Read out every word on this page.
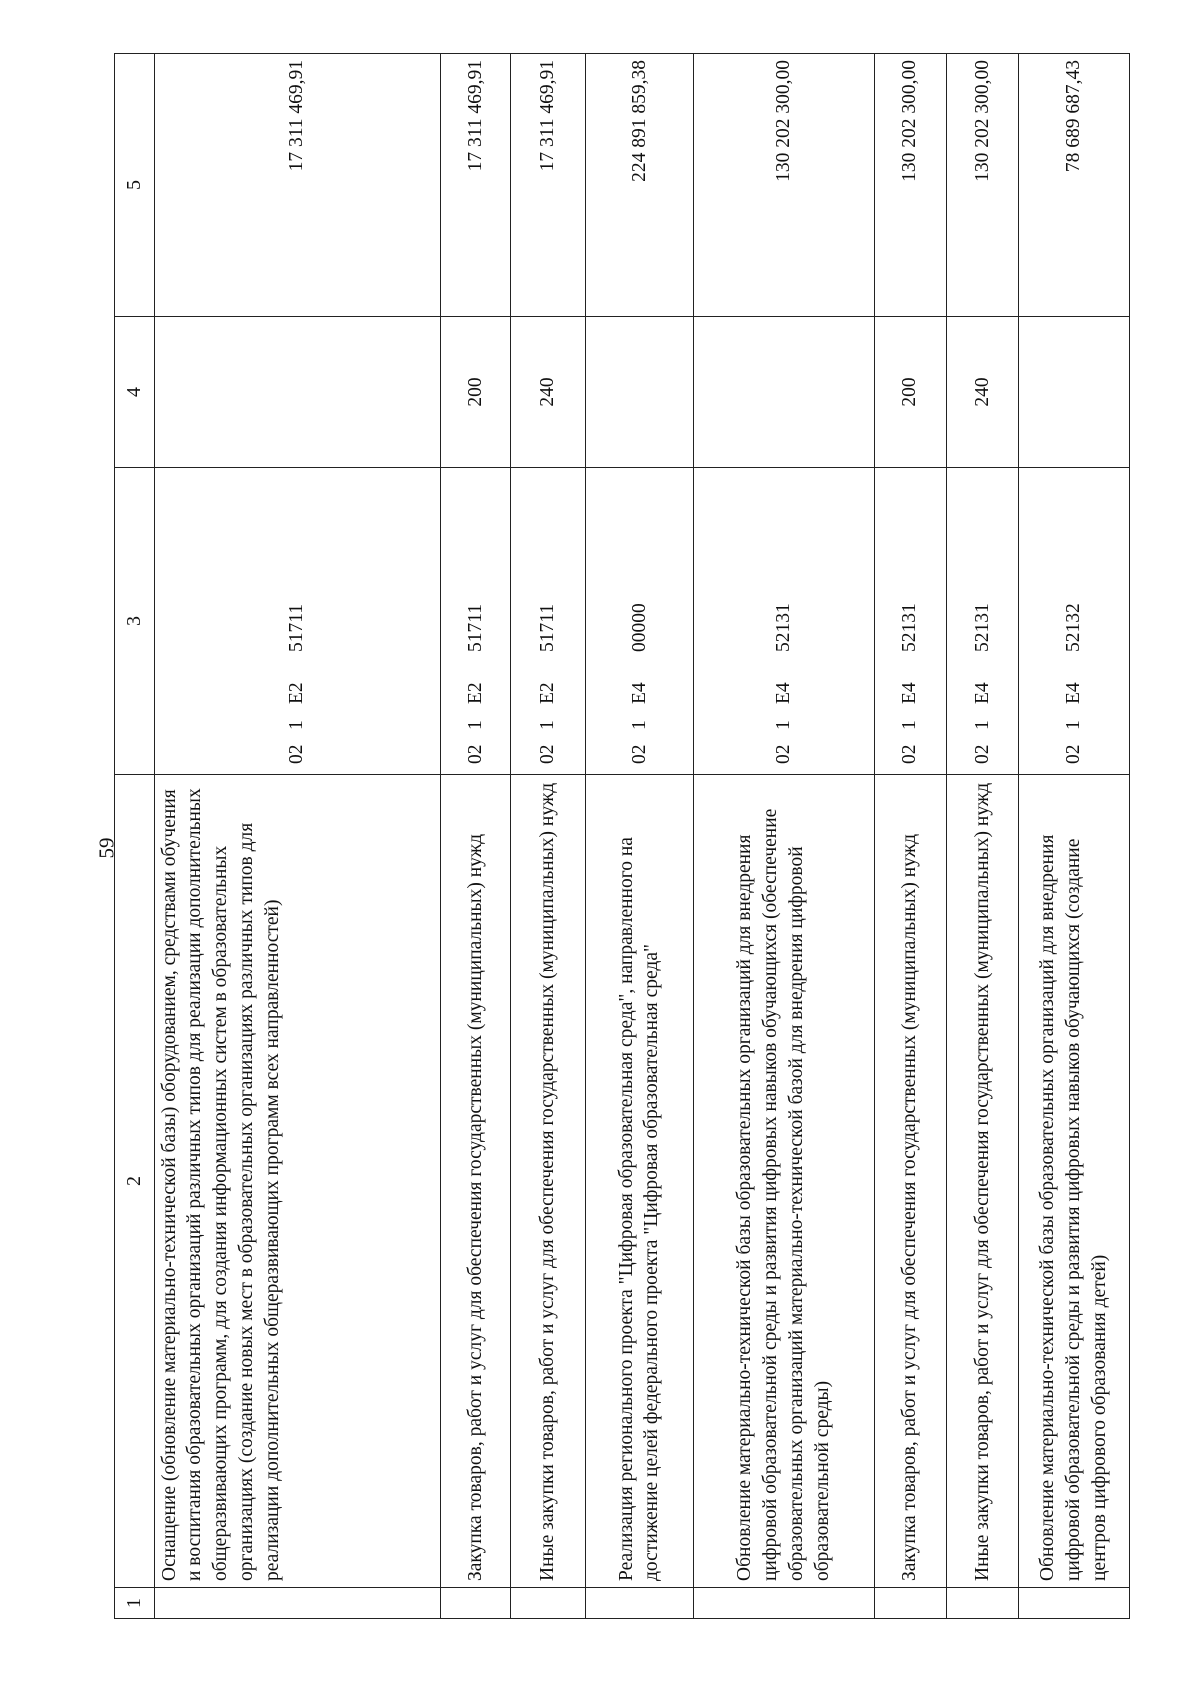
59
1	2	3	4	5
	Оснащение (обновление материально-технической базы) оборудованием, средствами обучения и воспитания образовательных организаций различных типов для реализации дополнительных общеразвивающих программ, для создания информационных систем в образовательных организациях (создание новых мест в образовательных организациях различных типов для реализации дополнительных общеразвивающих программ всех направленностей)	021E251711		17 311 469,91
	Закупка товаров, работ и услуг для обеспечения государственных (муниципальных) нужд	021E251711	200	17 311 469,91
	Иные закупки товаров, работ и услуг для обеспечения государственных (муниципальных) нужд	021E251711	240	17 311 469,91
	Реализация регионального проекта "Цифровая образовательная среда", направленного на достижение целей федерального проекта "Цифровая образовательная среда"	021E400000		224 891 859,38
	Обновление материально-технической базы образовательных организаций для внедрения цифровой образовательной среды и развития цифровых навыков обучающихся (обеспечение образовательных организаций материально-технической базой для внедрения цифровой образовательной среды)	021E452131		130 202 300,00
	Закупка товаров, работ и услуг для обеспечения государственных (муниципальных) нужд	021E452131	200	130 202 300,00
	Иные закупки товаров, работ и услуг для обеспечения государственных (муниципальных) нужд	021E452131	240	130 202 300,00
	Обновление материально-технической базы образовательных организаций для внедрения цифровой образовательной среды и развития цифровых навыков обучающихся (создание центров цифрового образования детей)	021E452132		78 689 687,43
